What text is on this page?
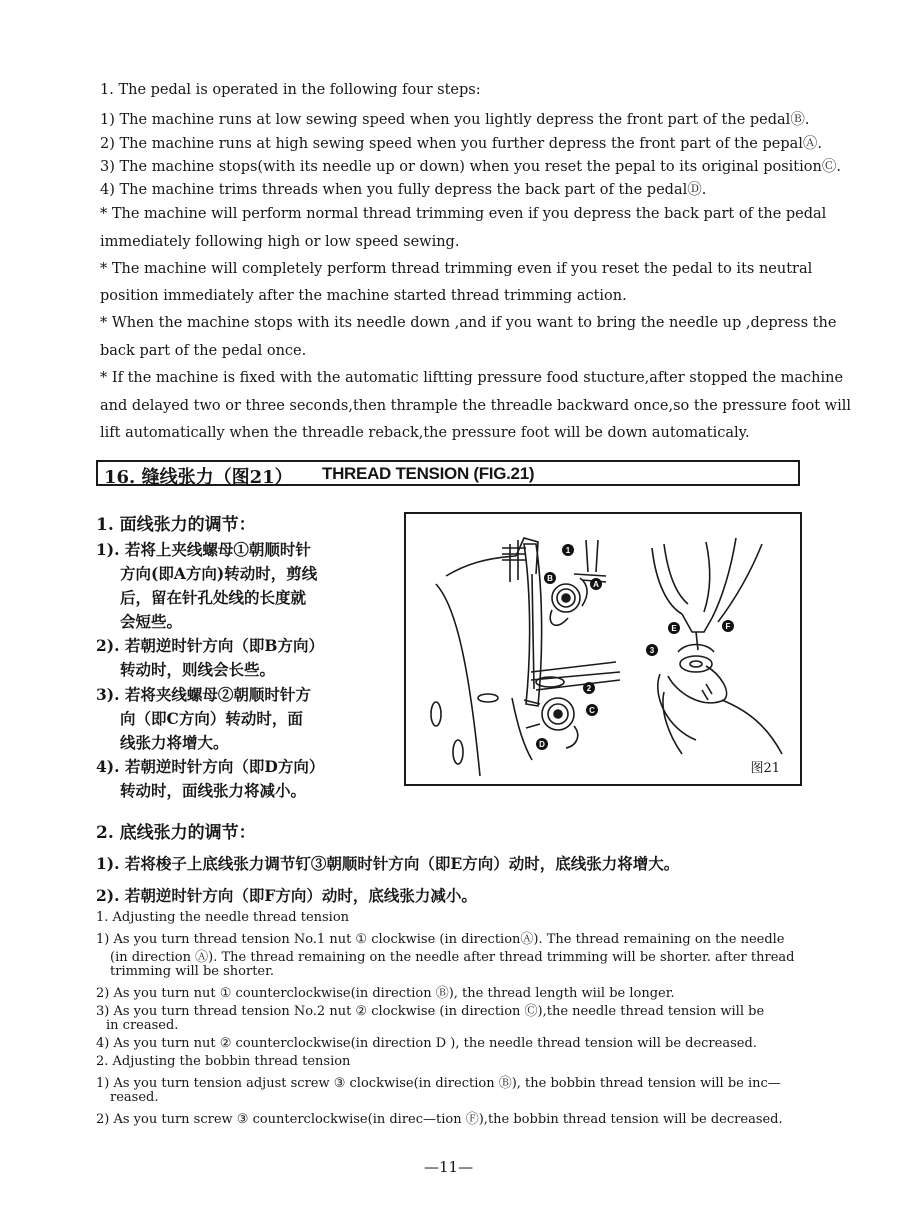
1. The pedal is operated in the following four steps:
1) The machine runs at low sewing speed when you lightly depress the front part of the pedalⒷ.
2) The machine runs at high sewing speed when you further depress the front part of the pepalⒶ.
3) The machine stops(with its needle up or down) when you reset the pepal to its original positionⒸ.
4) The machine trims threads when you fully depress the back part of the pedalⒹ.
* The machine will perform normal thread trimming even if you depress the back part of the pedal
immediately following high or low speed sewing.
* The machine will completely perform thread trimming even if you reset the pedal to its neutral
position immediately after the machine started thread trimming action.
* When the machine stops with its needle down ,and if you want to bring the needle up ,depress the
back part of the pedal once.
* If the machine is fixed with the automatic liftting pressure food stucture,after stopped the machine
and delayed two or three seconds,then thrample the threadle backward once,so the pressure foot will
lift automatically when the threadle reback,the pressure foot will be down automaticaly.
16. 缝线张力（图21） THREAD TENSION (FIG.21)
1. 面线张力的调节：
1). 若将上夹线螺母①朝顺时针
方向(即A方向)转动时，剪线
后，留在针孔处线的长度就
会短些。
2). 若朝逆时针方向（即B方向）
转动时，则线会长些。
3). 若将夹线螺母②朝顺时针方
向（即C方向）转动时，面
线张力将增大。
4). 若朝逆时针方向（即D方向）
转动时，面线张力将减小。
1
2
3
A
B
C
D
E	F
图21
2. 底线张力的调节：
1). 若将梭子上底线张力调节钉③朝顺时针方向（即E方向）动时，底线张力将增大。
2). 若朝逆时针方向（即F方向）动时，底线张力减小。
1. Adjusting the needle thread tension
1) As you turn thread tension No.1 nut ① clockwise (in directionⒶ). The thread remaining on the needle
(in direction Ⓐ). The thread remaining on the needle after thread trimming will be shorter. after thread
trimming will be shorter.
2) As you turn nut ① counterclockwise(in direction Ⓑ), the thread length wiil be longer.
3) As you turn thread tension No.2 nut ② clockwise (in direction Ⓒ),the needle thread tension will be
in creased.
4) As you turn nut ② counterclockwise(in direction D ), the needle thread tension will be decreased.
2. Adjusting the bobbin thread tension
1) As you turn tension adjust screw ③ clockwise(in direction Ⓑ), the bobbin thread tension will be inc—
reased.
2) As you turn screw ③ counterclockwise(in direc—tion Ⓕ),the bobbin thread tension will be decreased.
—11—
